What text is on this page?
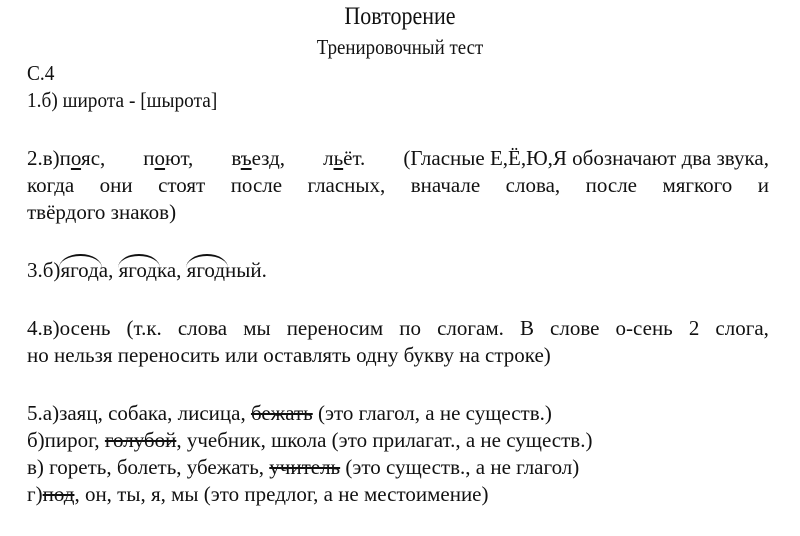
Повторение
Тренировочный тест
С.4
1.б) широта - [шырота]
2.в)пояс, поют, въезд, льёт. (Гласные Е,Ё,Ю,Я обозначают два звука,
когда они стоят после гласных, вначале слова, после мягкого и
твёрдого знаков)
3.б)ягода, ягодка, ягодный.
4.в)осень (т.к. слова мы переносим по слогам. В слове о-сень 2 слога,
но нельзя переносить или оставлять одну букву на строке)
5.а)заяц, собака, лисица, бежать (это глагол, а не существ.)
б)пирог, голубой, учебник, школа (это прилагат., а не существ.)
в) гореть, болеть, убежать, учитель (это существ., а не глагол)
г)под, он, ты, я, мы (это предлог, а не местоимение)
